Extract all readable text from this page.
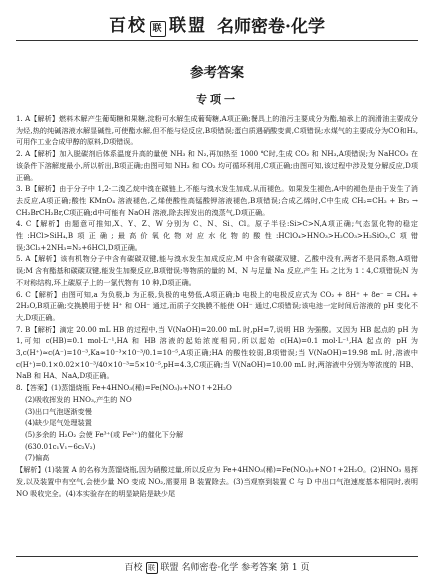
百校 联 联盟 名师密卷·化学
参考答案
专项一

1. A【解析】燃料木解产生葡萄糖和果糖,淀粉可水解生成葡萄糖,A项正确;餐具上的油污主要成分为酯,轴承上的润滑油主要成分为烃,热的纯碱溶液水解显碱性,可使酯水解,但不能与烃反应,B项错误;蛋白质遇硝酸变黄,C项错误;水煤气的主要成分为CO和H₂,可用作工业合成甲醇的原料,D项错误。

2. A【解析】加入脱碳剂后体系温度升高的量使 NH₃ 和 N₂,再加热至 1000 ℃时,生成 CO₂ 和 NH₃,A项错误;为 NaHCO₃ 在该条件下溶解度最小,所以析出,B项正确;由图可知 NH₃ 和 CO₂ 均可循环利用,C项正确;由图可知,该过程中涉及复分解反应,D项正确。

3. B【解析】由于分子中 1,2-二溴乙烷中溴在碳链上,不能与溴水发生加成,从而褪色。如果发生褪色,A中的褪色是由于发生了消去反应,A项正确;酸性 KMnO₄ 溶液褪色,乙烯使酸性高锰酸钾溶液褪色,B项错误;合成乙烯时,C中生成 CH₂=CH₂ + Br₂ → CH₂BrCH₂Br,C项正确;d中可能有 NaOH 溶液,除去挥发出的溴蒸气,D项正确。

4. C【解析】由题意可推知,X、Y、Z、W 分别为 C、N、Si、Cl。原子半径:Si>C>N,A项正确;气态氢化物的稳定性:HCl>SiH₄,B项正确;最高价氧化物对应水化物的酸性:HClO₄>HNO₃>H₂CO₃>H₂SiO₃,C项错误;3Cl₂+2NH₃=N₂+6HCl,D项正确。

5. A【解析】该有机物分子中含有碳碳双键,能与溴水发生加成反应,M 中含有碳碳双键、乙酸中没有,两者不是同系物,A项错误;M 含有酯基和碳碳双键,能发生加聚反应,B项错误;等物质的量的 M、N 与足量 Na 反应,产生 H₂ 之比为 1∶4,C项错误;N 为不对称结构,环上碳原子上的一氯代物有 10 种,D项正确。

6. C【解析】由图可知,a 为负极,b 为正极,负极的电势低,A项正确;b 电极上的电极反应式为 CO₂ + 8H⁺ + 8e⁻ = CH₄ + 2H₂O,B项正确;交换膜用于使 H⁺ 和 OH⁻ 通过,而质子交换膜不能使 OH⁻ 通过,C项错误;该电池一定时间后溶液的 pH 变化不大,D项正确。

7. B【解析】滴定 20.00 mL HB 的过程中,当 V(NaOH)=20.00 mL 时,pH=7,说明 HB 为强酸。又因为 HB 起点的 pH 为 1,可知 c(HB)=0.1 mol·L⁻¹,HA 和 HB 溶液的起始浓度相同,所以起始 c(HA)=0.1 mol·L⁻¹,HA 起点的 pH 为 3,c(H⁺)≈c(A⁻)=10⁻³,Ka≈10⁻³×10⁻³/0.1=10⁻⁵,A项正确;HA 的酸性较弱,B项错误;当 V(NaOH)=19.98 mL 时,溶液中 c(H⁺)=0.1×0.02×10⁻³/40×10⁻³=5×10⁻⁵,pH=4.3,C项正确;当 V(NaOH)=10.00 mL 时,两溶液中分别为等浓度的 HB、NaB 和 HA、NaA,D项正确。

8.【答案】(1)蒸馏烧瓶 Fe+4HNO₃(稀)=Fe(NO₃)₃+NO↑+2H₂O

(2)吸收挥发的 HNO₃,产生的 NO

(3)出口气泡逐渐变慢

(4)缺少尾气处理装置

(5)多余的 H₂O₂ 会使 Fe³⁺(或 Fe²⁺)的催化下分解

(630.01c₁V₁−6c₂V₂)

(7)偏高

【解析】(1)装置 A 的名称为蒸馏烧瓶,因为硝酸过量,所以反应为 Fe+4HNO₃(稀)=Fe(NO₃)₃+NO↑+2H₂O。(2)HNO₃ 易挥发,以及装置中有空气,会使少量 NO 变成 NO₂,需要用 B 装置除去。(3)当观察到装置 C 与 D 中出口气泡速度基本相同时,表明 NO 吸收完全。(4)本实验存在的明显缺陷是缺少尾

百校 联 联盟 名师密卷·化学 参考答案 第 1 页
